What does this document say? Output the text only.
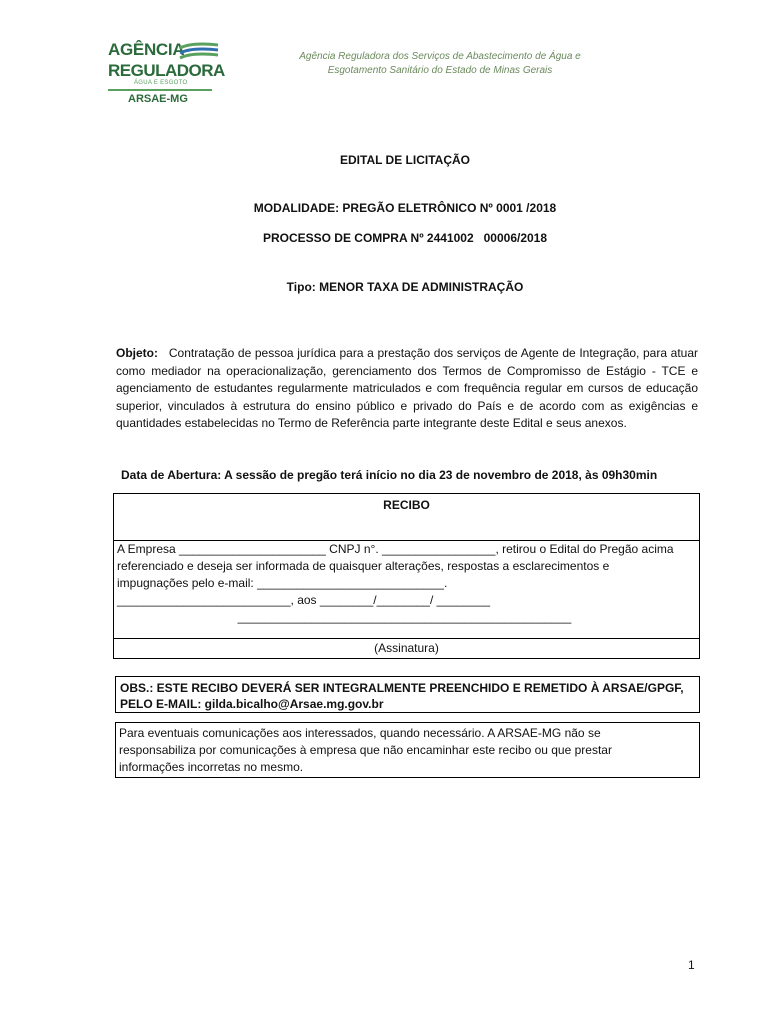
AGÊNCIA
REGULADORA
ÁGUA E ESGOTO
ARSAE-MG
Agência Reguladora dos Serviços de Abastecimento de Água e
Esgotamento Sanitário do Estado de Minas Gerais
EDITAL DE LICITAÇÃO
MODALIDADE: PREGÃO ELETRÔNICO Nº 0001 /2018
PROCESSO DE COMPRA Nº 2441002   00006/2018
Tipo: MENOR TAXA DE ADMINISTRAÇÃO
Objeto: Contratação de pessoa jurídica para a prestação dos serviços de Agente de Integração, para atuar como mediador na operacionalização, gerenciamento dos Termos de Compromisso de Estágio - TCE e agenciamento de estudantes regularmente matriculados e com frequência regular em cursos de educação superior, vinculados à estrutura do ensino público e privado do País e de acordo com as exigências e quantidades estabelecidas no Termo de Referência parte integrante deste Edital e seus anexos.
Data de Abertura: A sessão de pregão terá início no dia 23 de novembro de 2018, às 09h30min
RECIBO
A Empresa ______________________ CNPJ n°. _________________, retirou o Edital do Pregão acima
referenciado e deseja ser informada de quaisquer alterações, respostas a esclarecimentos e
impugnações pelo e-mail: ____________________________.
__________________________, aos ________/________/ ________
__________________________________________________
(Assinatura)
OBS.: ESTE RECIBO DEVERÁ SER INTEGRALMENTE PREENCHIDO E REMETIDO À ARSAE/GPGF,
PELO E-MAIL: gilda.bicalho@Arsae.mg.gov.br
Para eventuais comunicações aos interessados, quando necessário. A ARSAE-MG não se
responsabiliza por comunicações à empresa que não encaminhar este recibo ou que prestar
informações incorretas no mesmo.
1
